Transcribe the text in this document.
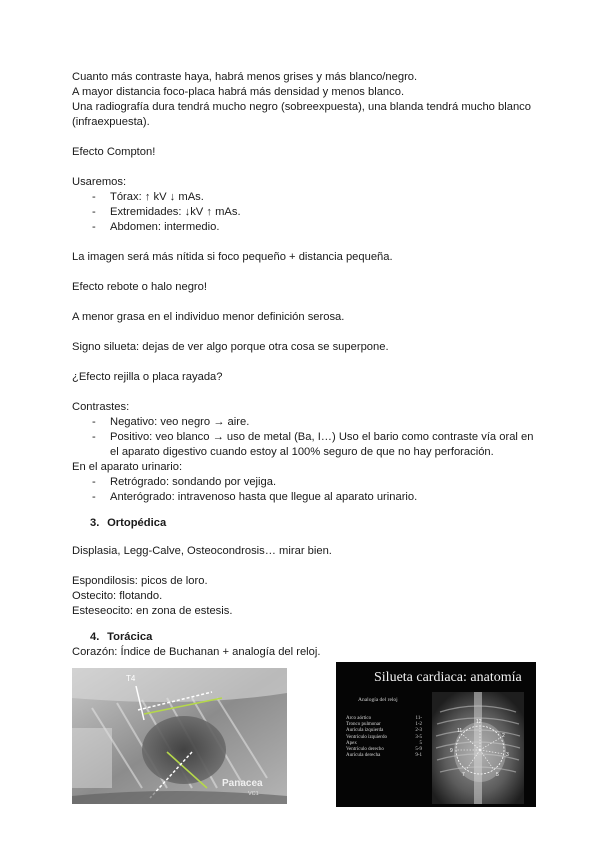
Cuanto más contraste haya, habrá menos grises y más blanco/negro.

A mayor distancia foco-placa habrá más densidad y menos blanco.

Una radiografía dura tendrá mucho negro (sobreexpuesta), una blanda tendrá mucho blanco (infraexpuesta).

Efecto Compton!

Usaremos:

- Tórax: ↑ kV ↓ mAs.
- Extremidades: ↓kV ↑ mAs.
- Abdomen: intermedio.

La imagen será más nítida si foco pequeño + distancia pequeña.

Efecto rebote o halo negro!

A menor grasa en el individuo menor definición serosa.

Signo silueta: dejas de ver algo porque otra cosa se superpone.

¿Efecto rejilla o placa rayada?

Contrastes:

- Negativo: veo negro → aire.
- Positivo: veo blanco → uso de metal (Ba, I…) Uso el bario como contraste vía oral en el aparato digestivo cuando estoy al 100% seguro de que no hay perforación.

En el aparato urinario:

- Retrógrado: sondando por vejiga.
- Anterógrado: intravenoso hasta que llegue al aparato urinario.

3. Ortopédica

Displasia, Legg-Calve, Osteocondrosis… mirar bien.

Espondilosis: picos de loro.

Ostecito: flotando.

Esteseocito: en zona de estesis.

4. Torácica

Corazón: Índice de Buchanan + analogía del reloj.

T4
Panacea
VC1
Silueta cardiaca: anatomía
Analogía del reloj
Arco aórtico	11-
Tronco pulmonar	1-2
Aurícula izquierda	2-3
Ventrículo izquierdo	3-5
Apex	5
Ventrículo derecho	5-9
Aurícula derecha	9-1
12
2
3
5
7
9
11
